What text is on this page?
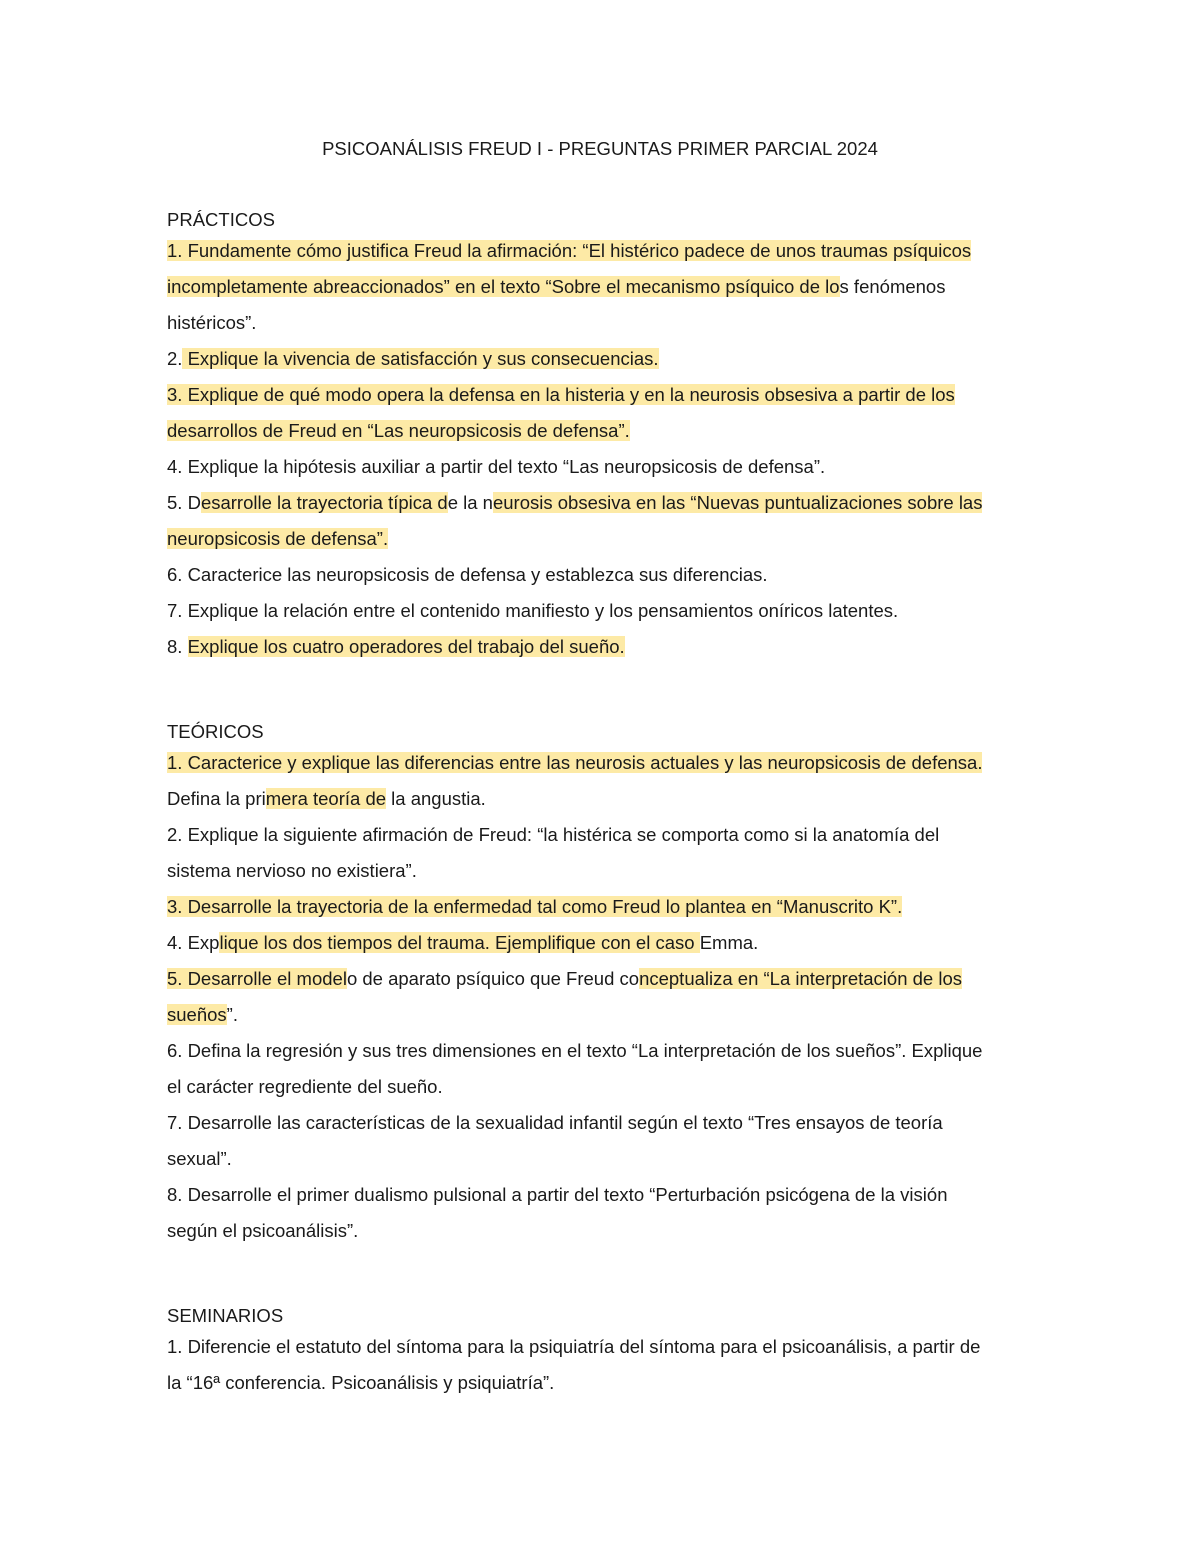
PSICOANÁLISIS FREUD I - PREGUNTAS PRIMER PARCIAL 2024
PRÁCTICOS
1. Fundamente cómo justifica Freud la afirmación: “El histérico padece de unos traumas psíquicos
incompletamente abreaccionados” en el texto “Sobre el mecanismo psíquico de los fenómenos
histéricos”.
2. Explique la vivencia de satisfacción y sus consecuencias.
3. Explique de qué modo opera la defensa en la histeria y en la neurosis obsesiva a partir de los
desarrollos de Freud en “Las neuropsicosis de defensa”.
4. Explique la hipótesis auxiliar a partir del texto “Las neuropsicosis de defensa”.
5. Desarrolle la trayectoria típica de la neurosis obsesiva en las “Nuevas puntualizaciones sobre las
neuropsicosis de defensa”.
6. Caracterice las neuropsicosis de defensa y establezca sus diferencias.
7. Explique la relación entre el contenido manifiesto y los pensamientos oníricos latentes.
8. Explique los cuatro operadores del trabajo del sueño.
TEÓRICOS
1. Caracterice y explique las diferencias entre las neurosis actuales y las neuropsicosis de defensa.
Defina la primera teoría de la angustia.
2. Explique la siguiente afirmación de Freud: “la histérica se comporta como si la anatomía del
sistema nervioso no existiera”.
3. Desarrolle la trayectoria de la enfermedad tal como Freud lo plantea en “Manuscrito K”.
4. Explique los dos tiempos del trauma. Ejemplifique con el caso Emma.
5. Desarrolle el modelo de aparato psíquico que Freud conceptualiza en “La interpretación de los
sueños”.
6. Defina la regresión y sus tres dimensiones en el texto “La interpretación de los sueños”. Explique
el carácter regrediente del sueño.
7. Desarrolle las características de la sexualidad infantil según el texto “Tres ensayos de teoría
sexual”.
8. Desarrolle el primer dualismo pulsional a partir del texto “Perturbación psicógena de la visión
según el psicoanálisis”.
SEMINARIOS
1. Diferencie el estatuto del síntoma para la psiquiatría del síntoma para el psicoanálisis, a partir de
la “16ª conferencia. Psicoanálisis y psiquiatría”.
